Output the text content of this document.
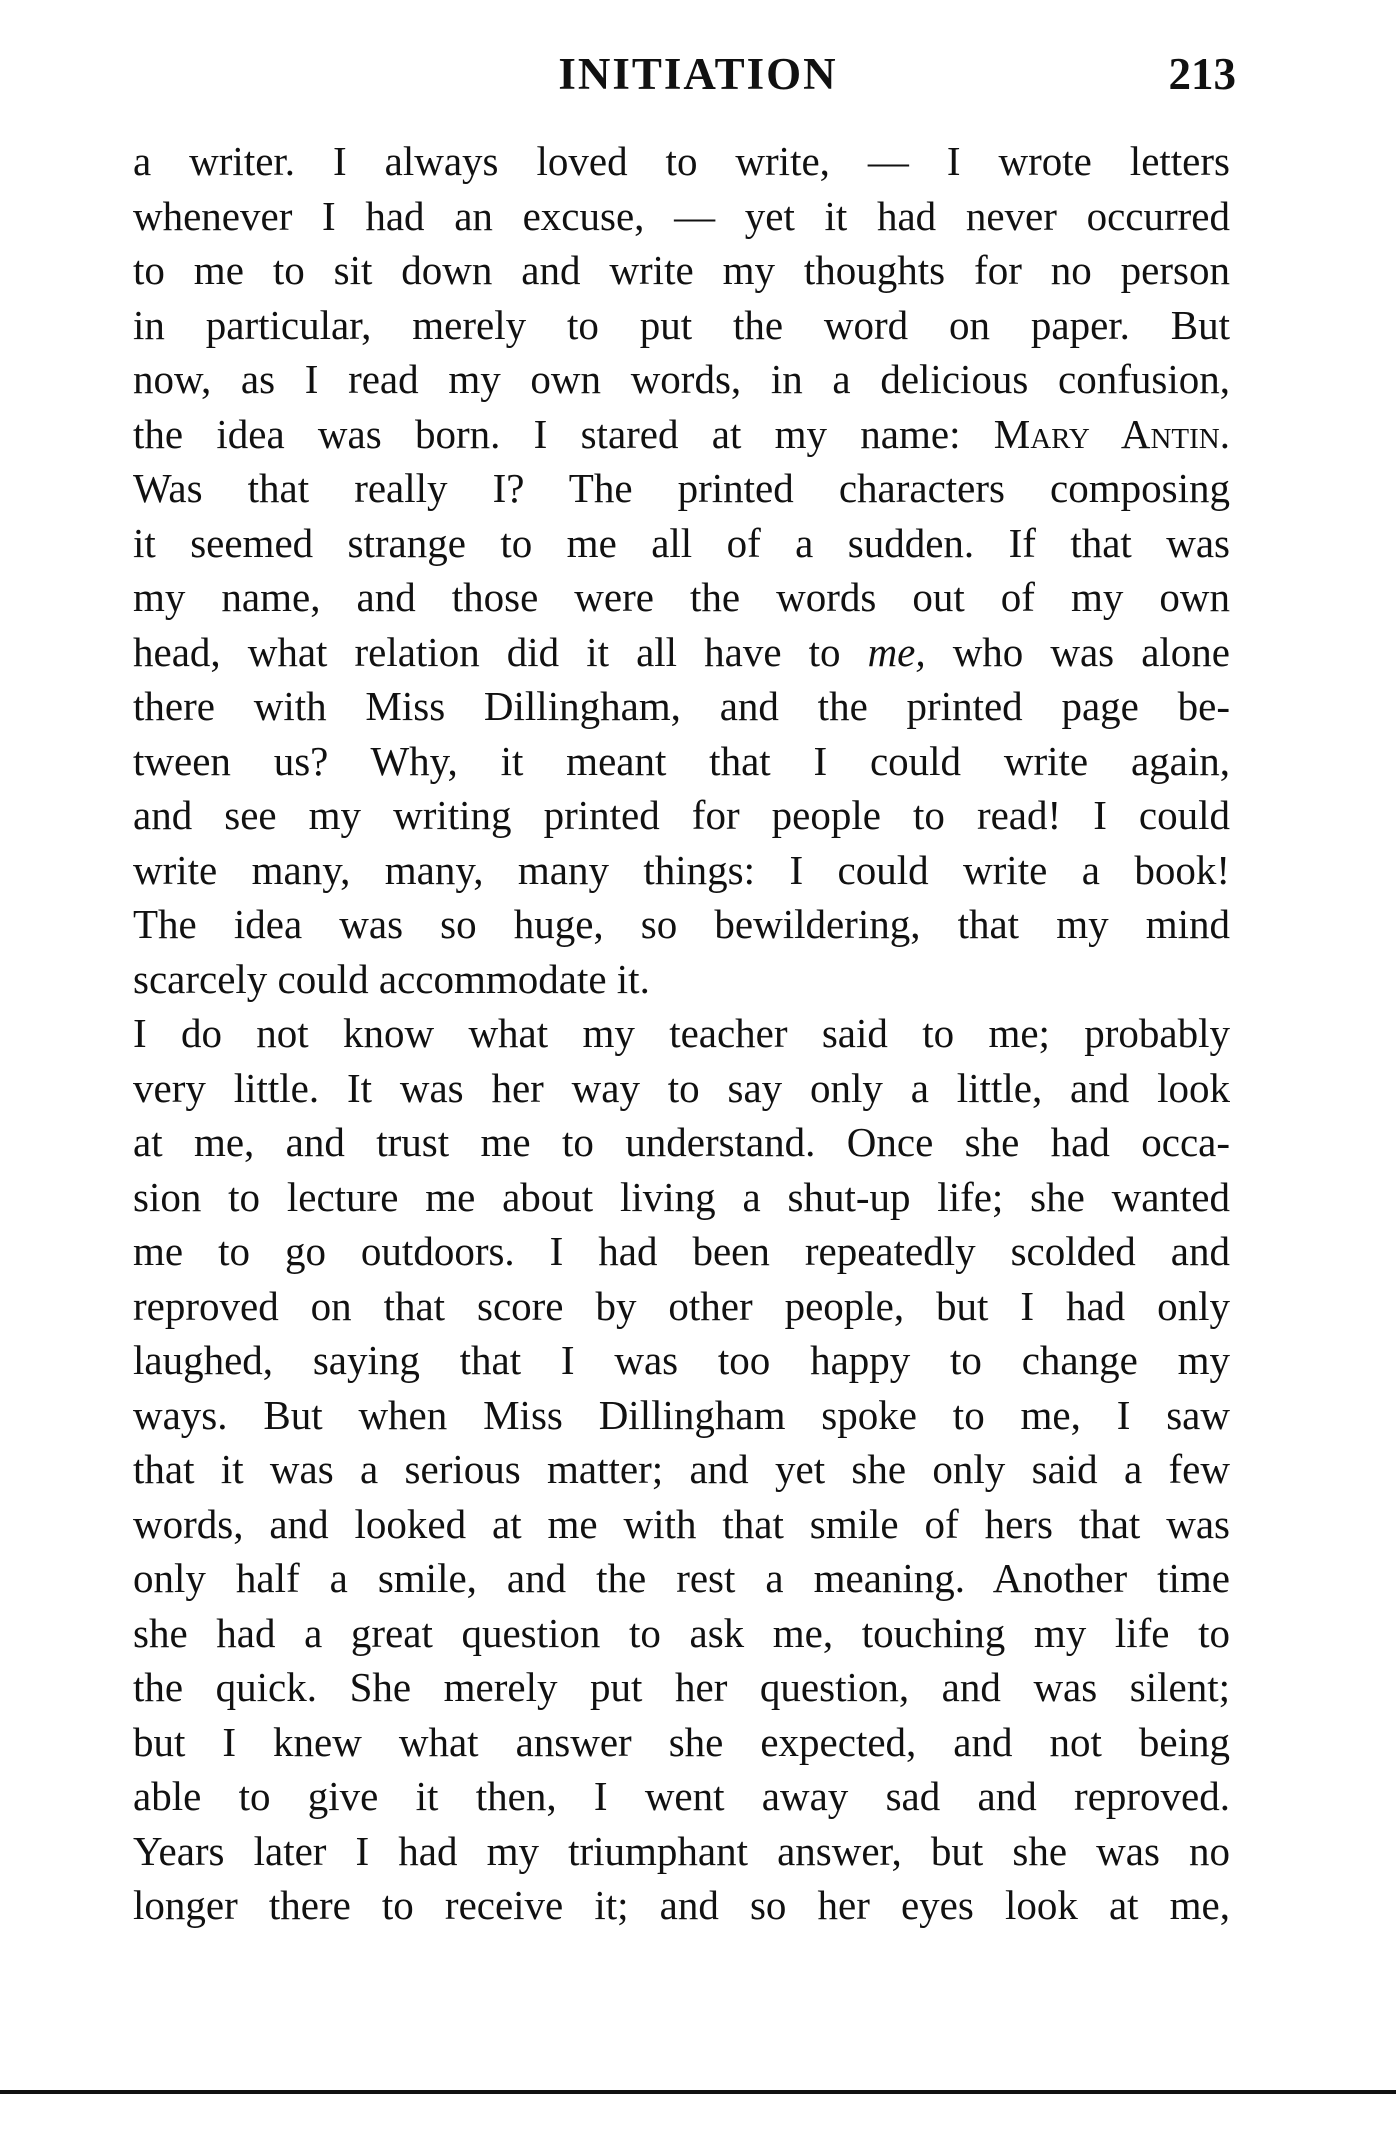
INITIATION	213
a writer. I always loved to write, — I wrote letters
whenever I had an excuse, — yet it had never occurred
to me to sit down and write my thoughts for no person
in particular, merely to put the word on paper. But
now, as I read my own words, in a delicious confusion,
the idea was born. I stared at my name: Mary Antin.
Was that really I? The printed characters composing
it seemed strange to me all of a sudden. If that was
my name, and those were the words out of my own
head, what relation did it all have to me, who was alone
there with Miss Dillingham, and the printed page be-
tween us? Why, it meant that I could write again,
and see my writing printed for people to read! I could
write many, many, many things: I could write a book!
The idea was so huge, so bewildering, that my mind
scarcely could accommodate it.
I do not know what my teacher said to me; probably
very little. It was her way to say only a little, and look
at me, and trust me to understand. Once she had occa-
sion to lecture me about living a shut-up life; she wanted
me to go outdoors. I had been repeatedly scolded and
reproved on that score by other people, but I had only
laughed, saying that I was too happy to change my
ways. But when Miss Dillingham spoke to me, I saw
that it was a serious matter; and yet she only said a few
words, and looked at me with that smile of hers that was
only half a smile, and the rest a meaning. Another time
she had a great question to ask me, touching my life to
the quick. She merely put her question, and was silent;
but I knew what answer she expected, and not being
able to give it then, I went away sad and reproved.
Years later I had my triumphant answer, but she was no
longer there to receive it; and so her eyes look at me,
